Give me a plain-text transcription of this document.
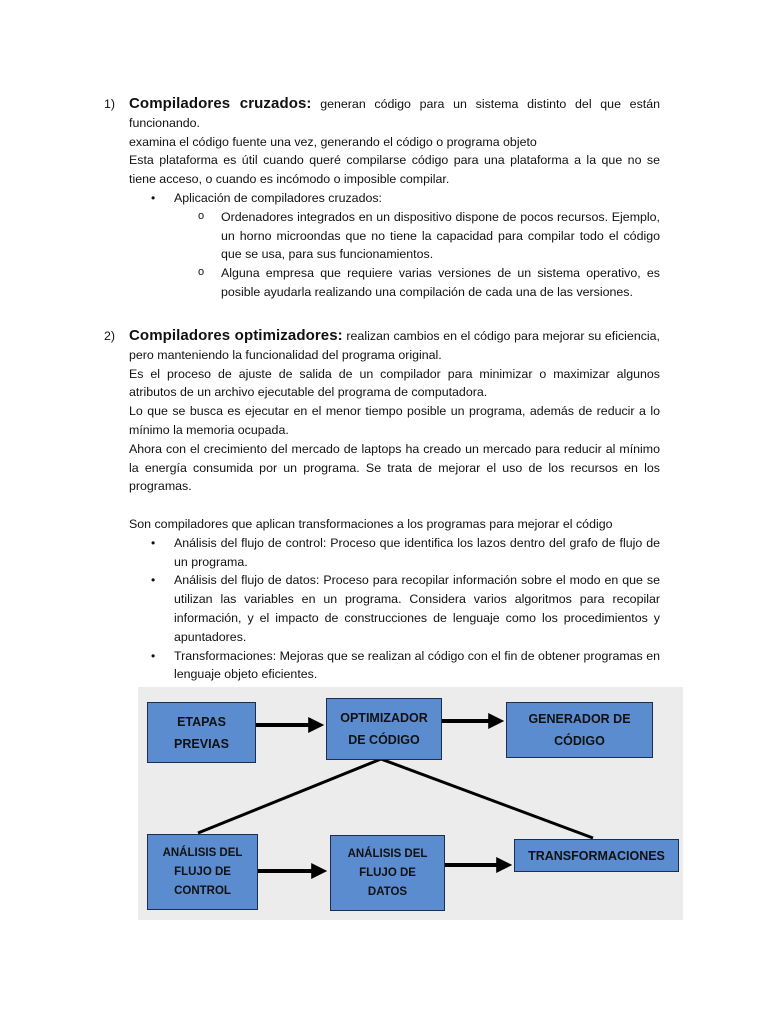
1) Compiladores cruzados: generan código para un sistema distinto del que están funcionando.

examina el código fuente una vez, generando el código o programa objeto

Esta plataforma es útil cuando queré compilarse código para una plataforma a la que no se tiene acceso, o cuando es incómodo o imposible compilar.

• Aplicación de compiladores cruzados:
o Ordenadores integrados en un dispositivo dispone de pocos recursos. Ejemplo, un horno microondas que no tiene la capacidad para compilar todo el código que se usa, para sus funcionamientos.
o Alguna empresa que requiere varias versiones de un sistema operativo, es posible ayudarla realizando una compilación de cada una de las versiones.
2) Compiladores optimizadores: realizan cambios en el código para mejorar su eficiencia, pero manteniendo la funcionalidad del programa original.

Es el proceso de ajuste de salida de un compilador para minimizar o maximizar algunos atributos de un archivo ejecutable del programa de computadora.

Lo que se busca es ejecutar en el menor tiempo posible un programa, además de reducir a lo mínimo la memoria ocupada.

Ahora con el crecimiento del mercado de laptops ha creado un mercado para reducir al mínimo la energía consumida por un programa. Se trata de mejorar el uso de los recursos en los programas.

Son compiladores que aplican transformaciones a los programas para mejorar el código

• Análisis del flujo de control: Proceso que identifica los lazos dentro del grafo de flujo de un programa.
• Análisis del flujo de datos: Proceso para recopilar información sobre el modo en que se utilizan las variables en un programa. Considera varios algoritmos para recopilar información, y el impacto de construcciones de lenguaje como los procedimientos y apuntadores.
• Transformaciones: Mejoras que se realizan al código con el fin de obtener programas en lenguaje objeto eficientes.
ETAPAS
PREVIAS
OPTIMIZADOR
DE CÓDIGO
GENERADOR DE
CÓDIGO
ANÁLISIS DEL
FLUJO DE
CONTROL
ANÁLISIS DEL
FLUJO DE
DATOS
TRANSFORMACIONES
